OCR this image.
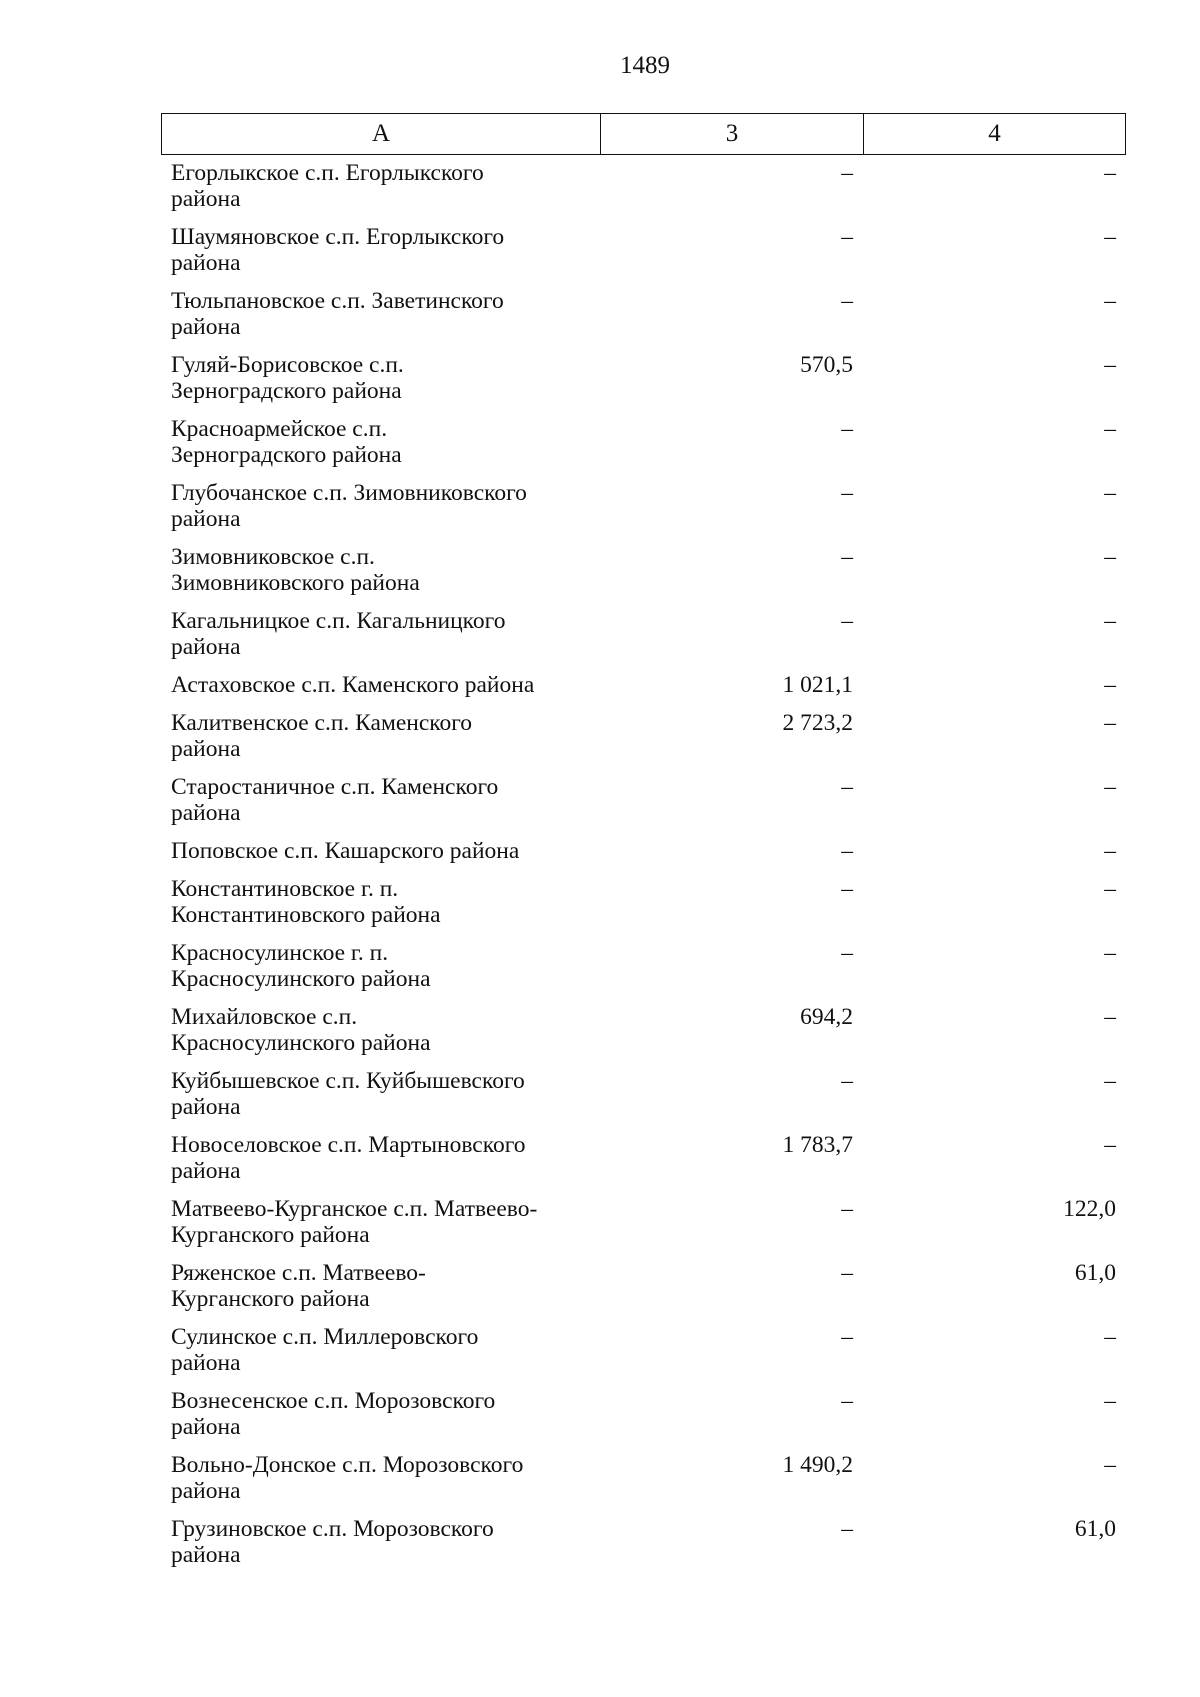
1489
А	3	4
Егорлыкское с.п. Егорлыкского
района
–	–
Шаумяновское с.п. Егорлыкского
района
–	–
Тюльпановское с.п. Заветинского
района
–	–
Гуляй-Борисовское с.п.
Зерноградского района
570,5	–
Красноармейское с.п.
Зерноградского района
–	–
Глубочанское с.п. Зимовниковского
района
–	–
Зимовниковское с.п.
Зимовниковского района
–	–
Кагальницкое с.п. Кагальницкого
района
–	–
Астаховское с.п. Каменского района	1 021,1	–
Калитвенское с.п. Каменского
района
2 723,2	–
Старостаничное с.п. Каменского
района
–	–
Поповское с.п. Кашарского района	–	–
Константиновское г. п.
Константиновского района
–	–
Красносулинское г. п.
Красносулинского района
–	–
Михайловское с.п.
Красносулинского района
694,2	–
Куйбышевское с.п. Куйбышевского
района
–	–
Новоселовское с.п. Мартыновского
района
1 783,7	–
Матвеево-Курганское с.п. Матвеево-
Курганского района
–	122,0
Ряженское с.п. Матвеево-
Курганского района
–	61,0
Сулинское с.п. Миллеровского
района
–	–
Вознесенское с.п. Морозовского
района
–	–
Вольно-Донское с.п. Морозовского
района
1 490,2	–
Грузиновское с.п. Морозовского
района
–	61,0
